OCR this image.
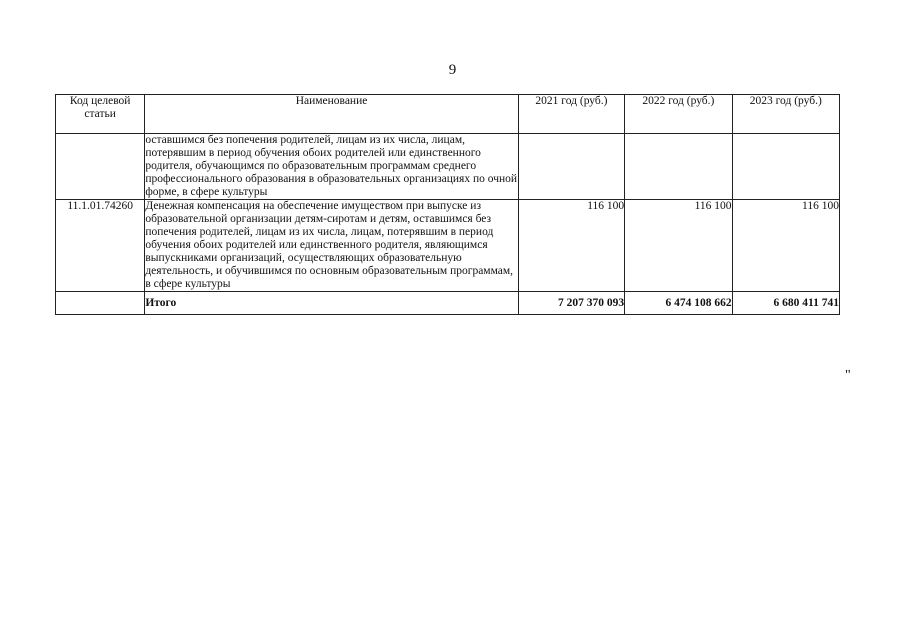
9
Код целевой статьи	Наименование	2021 год (руб.)	2022 год (руб.)	2023 год (руб.)
	оставшимся без попечения родителей, лицам из их числа, лицам, потерявшим в период обучения обоих родителей или единственного родителя, обучающимся по образовательным программам среднего профессионального образования в образовательных организациях по очной форме, в сфере культуры			
11.1.01.74260	Денежная компенсация на обеспечение имуществом при выпуске из образовательной организации детям-сиротам и детям, оставшимся без попечения родителей, лицам из их числа, лицам, потерявшим в период обучения обоих родителей или единственного родителя, являющимся выпускниками организаций, осуществляющих образовательную деятельность, и обучившимся по основным образовательным программам, в сфере культуры	116 100	116 100	116 100
	Итого	7 207 370 093	6 474 108 662	6 680 411 741
"
